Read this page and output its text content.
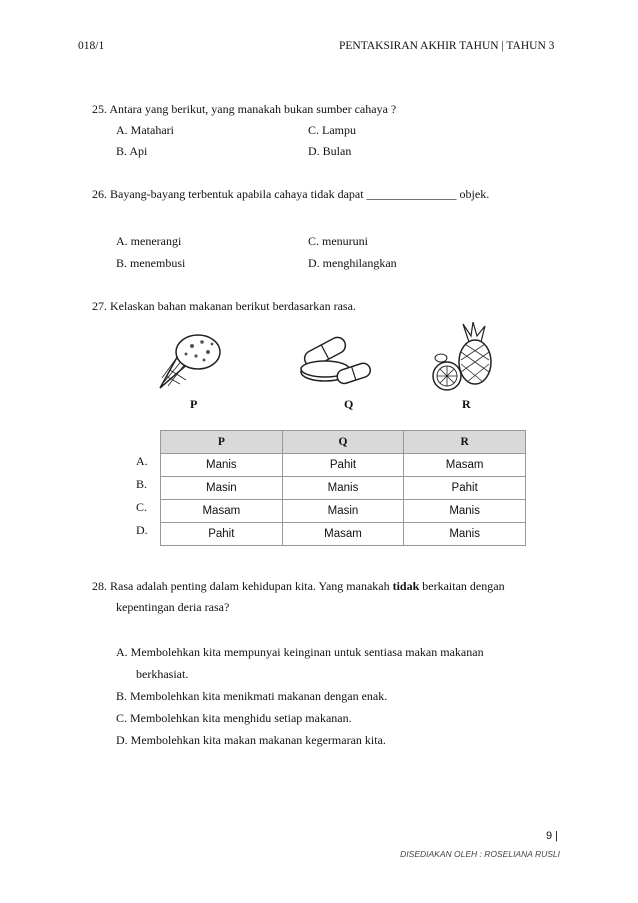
018/1	PENTAKSIRAN AKHIR TAHUN | TAHUN 3
25. Antara yang berikut, yang manakah bukan sumber cahaya ?
A. Matahari	C. Lampu
B. Api	D. Bulan
26. Bayang-bayang terbentuk apabila cahaya tidak dapat _______________ objek.
A. menerangi	C. menuruni
B. menembusi	D. menghilangkan
27. Kelaskan bahan makanan berikut berdasarkan rasa.
P	Q	R
A.
B.
C.
D.
P	Q	R
Manis	Pahit	Masam
Masin	Manis	Pahit
Masam	Masin	Manis
Pahit	Masam	Manis
28. Rasa adalah penting dalam kehidupan kita. Yang manakah tidak berkaitan dengan
kepentingan deria rasa?
A. Membolehkan kita mempunyai keinginan untuk sentiasa makan makanan
berkhasiat.
B. Membolehkan kita menikmati makanan dengan enak.
C. Membolehkan kita menghidu setiap makanan.
D. Membolehkan kita makan makanan kegermaran kita.
9 |
DISEDIAKAN OLEH : ROSELIANA RUSLI
